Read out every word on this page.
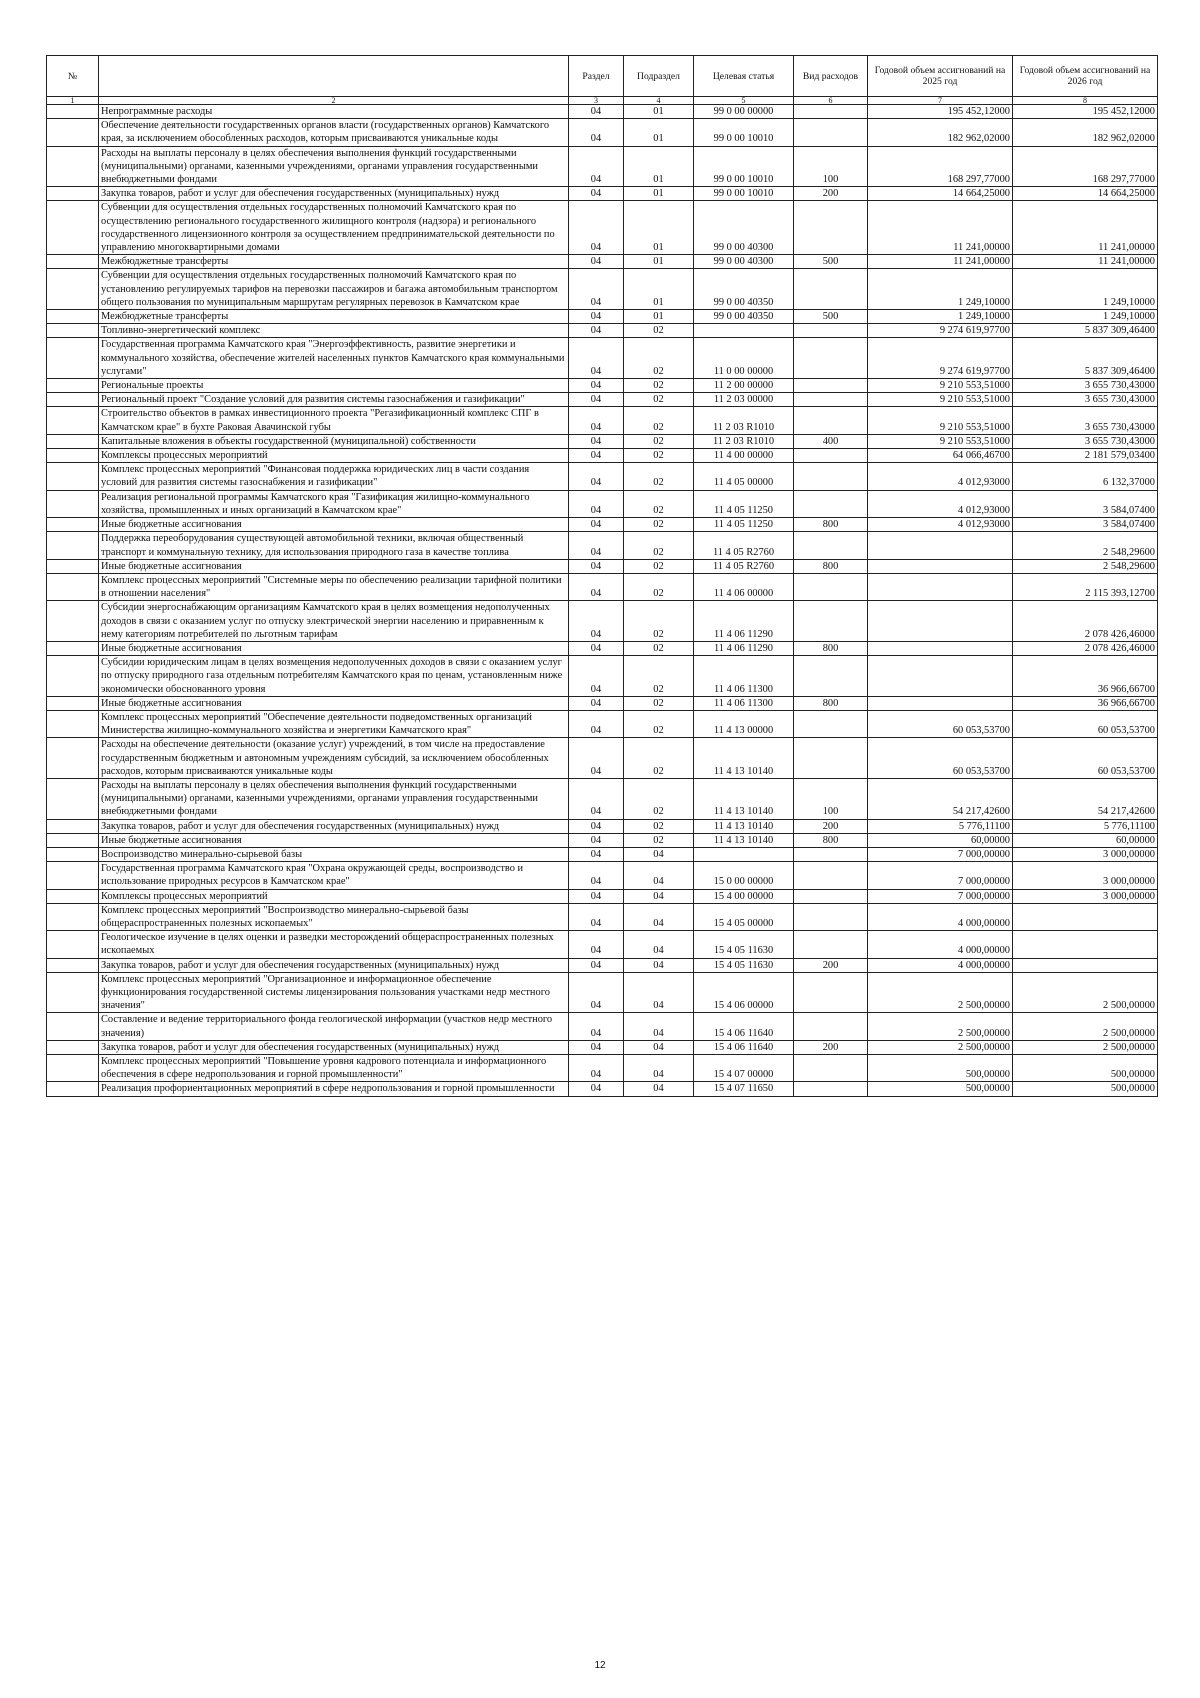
№		Раздел	Подраздел	Целевая статья	Вид расходов	Годовой объем ассигнований на 2025 год	Годовой объем ассигнований на 2026 год
1	2	3	4	5	6	7	8
	Непрограммные расходы	04	01	99 0 00 00000		195 452,12000	195 452,12000
	Обеспечение деятельности государственных органов власти (государственных органов) Камчатского края, за исключением обособленных расходов, которым присваиваются уникальные коды	04	01	99 0 00 10010		182 962,02000	182 962,02000
	Расходы на выплаты персоналу в целях обеспечения выполнения функций государственными (муниципальными) органами, казенными учреждениями, органами управления государственными внебюджетными фондами	04	01	99 0 00 10010	100	168 297,77000	168 297,77000
	Закупка товаров, работ и услуг для обеспечения государственных (муниципальных) нужд	04	01	99 0 00 10010	200	14 664,25000	14 664,25000
	Субвенции для осуществления отдельных государственных полномочий Камчатского края по осуществлению регионального государственного жилищного контроля (надзора) и регионального государственного лицензионного контроля за осуществлением предпринимательской деятельности по управлению многоквартирными домами	04	01	99 0 00 40300		11 241,00000	11 241,00000
	Межбюджетные трансферты	04	01	99 0 00 40300	500	11 241,00000	11 241,00000
	Субвенции для осуществления отдельных государственных полномочий Камчатского края по установлению регулируемых тарифов на перевозки пассажиров и багажа автомобильным транспортом общего пользования по муниципальным маршрутам регулярных перевозок в Камчатском крае	04	01	99 0 00 40350		1 249,10000	1 249,10000
	Межбюджетные трансферты	04	01	99 0 00 40350	500	1 249,10000	1 249,10000
	Топливно-энергетический комплекс	04	02			9 274 619,97700	5 837 309,46400
	Государственная программа Камчатского края "Энергоэффективность, развитие энергетики и коммунального хозяйства, обеспечение жителей населенных пунктов Камчатского края коммунальными услугами"	04	02	11 0 00 00000		9 274 619,97700	5 837 309,46400
	Региональные проекты	04	02	11 2 00 00000		9 210 553,51000	3 655 730,43000
	Региональный проект "Создание условий для развития системы газоснабжения и газификации"	04	02	11 2 03 00000		9 210 553,51000	3 655 730,43000
	Строительство объектов в рамках инвестиционного проекта "Регазификационный комплекс СПГ в Камчатском крае" в бухте Раковая Авачинской губы	04	02	11 2 03 R1010		9 210 553,51000	3 655 730,43000
	Капитальные вложения в объекты государственной (муниципальной) собственности	04	02	11 2 03 R1010	400	9 210 553,51000	3 655 730,43000
	Комплексы процессных мероприятий	04	02	11 4 00 00000		64 066,46700	2 181 579,03400
	Комплекс процессных мероприятий "Финансовая поддержка юридических лиц в части создания условий для развития системы газоснабжения и газификации"	04	02	11 4 05 00000		4 012,93000	6 132,37000
	Реализация региональной программы Камчатского края "Газификация жилищно-коммунального хозяйства, промышленных и иных организаций в Камчатском крае"	04	02	11 4 05 11250		4 012,93000	3 584,07400
	Иные бюджетные ассигнования	04	02	11 4 05 11250	800	4 012,93000	3 584,07400
	Поддержка переоборудования существующей автомобильной техники, включая общественный транспорт и коммунальную технику, для использования природного газа в качестве топлива	04	02	11 4 05 R2760			2 548,29600
	Иные бюджетные ассигнования	04	02	11 4 05 R2760	800		2 548,29600
	Комплекс процессных мероприятий "Системные меры по обеспечению реализации тарифной политики в отношении населения"	04	02	11 4 06 00000			2 115 393,12700
	Субсидии энергоснабжающим организациям Камчатского края в целях возмещения недополученных доходов в связи с оказанием услуг по отпуску электрической энергии населению и приравненным к нему категориям потребителей по льготным тарифам	04	02	11 4 06 11290			2 078 426,46000
	Иные бюджетные ассигнования	04	02	11 4 06 11290	800		2 078 426,46000
	Субсидии юридическим лицам в целях возмещения недополученных доходов в связи с оказанием услуг по отпуску природного газа отдельным потребителям Камчатского края по ценам, установленным ниже экономически обоснованного уровня	04	02	11 4 06 11300			36 966,66700
	Иные бюджетные ассигнования	04	02	11 4 06 11300	800		36 966,66700
	Комплекс процессных мероприятий "Обеспечение деятельности подведомственных организаций Министерства жилищно-коммунального хозяйства и энергетики Камчатского края"	04	02	11 4 13 00000		60 053,53700	60 053,53700
	Расходы на обеспечение деятельности (оказание услуг) учреждений, в том числе на предоставление государственным бюджетным и автономным учреждениям субсидий, за исключением обособленных расходов, которым присваиваются уникальные коды	04	02	11 4 13 10140		60 053,53700	60 053,53700
	Расходы на выплаты персоналу в целях обеспечения выполнения функций государственными (муниципальными) органами, казенными учреждениями, органами управления государственными внебюджетными фондами	04	02	11 4 13 10140	100	54 217,42600	54 217,42600
	Закупка товаров, работ и услуг для обеспечения государственных (муниципальных) нужд	04	02	11 4 13 10140	200	5 776,11100	5 776,11100
	Иные бюджетные ассигнования	04	02	11 4 13 10140	800	60,00000	60,00000
	Воспроизводство минерально-сырьевой базы	04	04			7 000,00000	3 000,00000
	Государственная программа Камчатского края "Охрана окружающей среды, воспроизводство и использование природных ресурсов в Камчатском крае"	04	04	15 0 00 00000		7 000,00000	3 000,00000
	Комплексы процессных мероприятий	04	04	15 4 00 00000		7 000,00000	3 000,00000
	Комплекс процессных мероприятий "Воспроизводство минерально-сырьевой базы общераспространенных полезных ископаемых"	04	04	15 4 05 00000		4 000,00000	
	Геологическое изучение в целях оценки и разведки месторождений общераспространенных полезных ископаемых	04	04	15 4 05 11630		4 000,00000	
	Закупка товаров, работ и услуг для обеспечения государственных (муниципальных) нужд	04	04	15 4 05 11630	200	4 000,00000	
	Комплекс процессных мероприятий "Организационное и информационное обеспечение функционирования государственной системы лицензирования пользования участками недр местного значения"	04	04	15 4 06 00000		2 500,00000	2 500,00000
	Составление и ведение территориального фонда геологической информации (участков недр местного значения)	04	04	15 4 06 11640		2 500,00000	2 500,00000
	Закупка товаров, работ и услуг для обеспечения государственных (муниципальных) нужд	04	04	15 4 06 11640	200	2 500,00000	2 500,00000
	Комплекс процессных мероприятий "Повышение уровня кадрового потенциала и информационного обеспечения в сфере недропользования и горной промышленности"	04	04	15 4 07 00000		500,00000	500,00000
	Реализация профориентационных мероприятий в сфере недропользования и горной промышленности	04	04	15 4 07 11650		500,00000	500,00000
12
